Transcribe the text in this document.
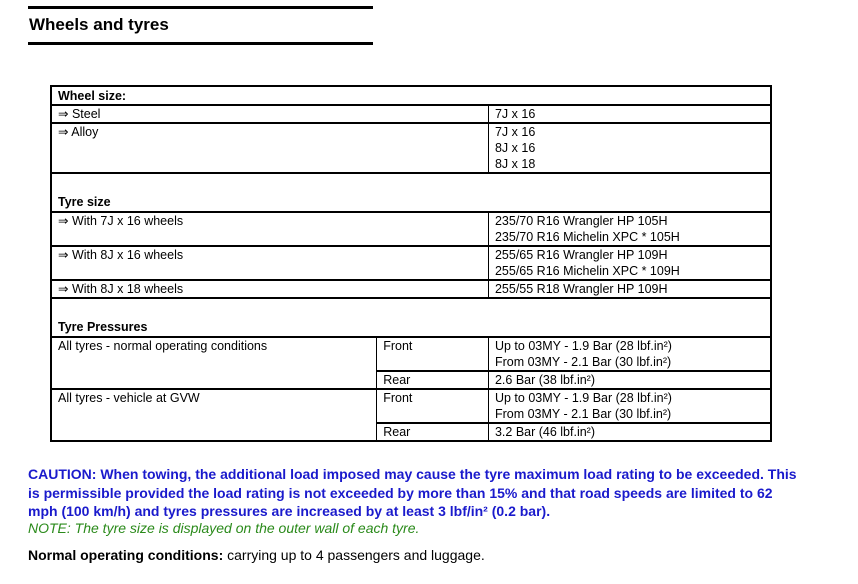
Wheels and tyres
Wheel size:		
⇒ Steel		7J x 16

⇒ Alloy		7J x 16
8J x 16
8J x 18

Tyre size		
⇒ With 7J x 16 wheels		235/70 R16 Wrangler HP 105H
235/70 R16 Michelin XPC * 105H

⇒ With 8J x 16 wheels		255/65 R16 Wrangler HP 109H
255/65 R16 Michelin XPC * 109H

⇒ With 8J x 18 wheels		255/55 R18 Wrangler HP 109H

Tyre Pressures		
All tyres - normal operating conditions	Front	Up to 03MY - 1.9 Bar (28 lbf.in²)
From 03MY - 2.1 Bar (30 lbf.in²)

	Rear	2.6 Bar (38 lbf.in²)
All tyres - vehicle at GVW	Front	Up to 03MY - 1.9 Bar (28 lbf.in²)
From 03MY - 2.1 Bar (30 lbf.in²)

	Rear	3.2 Bar (46 lbf.in²)
CAUTION: When towing, the additional load imposed may cause the tyre maximum load rating to be exceeded. This is permissible provided the load rating is not exceeded by more than 15% and that road speeds are limited to 62 mph (100 km/h) and tyres pressures are increased by at least 3 lbf/in² (0.2 bar).
NOTE: The tyre size is displayed on the outer wall of each tyre.
Normal operating conditions: carrying up to 4 passengers and luggage.
